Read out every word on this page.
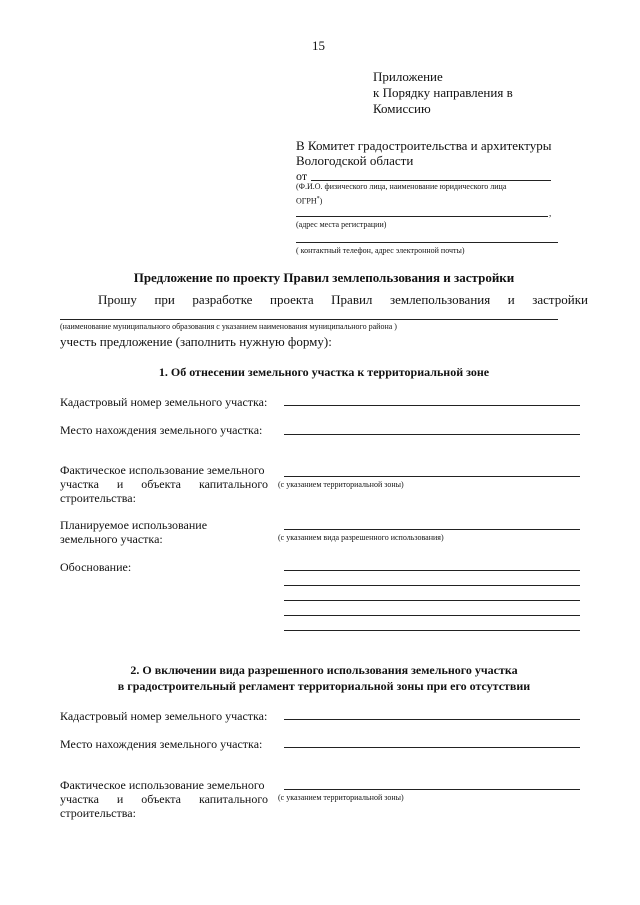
15
Приложение
к Порядку направления в
Комиссию
В Комитет градостроительства и архитектуры
Вологодской области
от
(Ф.И.О. физического лица, наименование юридического лица
ОГРН*)
,
(адрес места регистрации)
( контактный телефон, адрес электронной почты)
Предложение по проекту Правил землепользования и застройки
Прошу при разработке проекта Правил землепользования и застройки
(наименование муниципального образования с указанием наименования муниципального района )
учесть предложение (заполнить нужную форму):
1. Об отнесении земельного участка к территориальной зоне
Кадастровый номер земельного участка:
Место нахождения земельного участка:
Фактическое использование земельного
участка и объекта капитального
строительства:
(с указанием территориальной зоны)
Планируемое использование
земельного участка:	(с указанием вида разрешенного использования)
Обоснование:
2. О включении вида разрешенного использования земельного участка
в градостроительный регламент территориальной зоны при его отсутствии
Кадастровый номер земельного участка:
Место нахождения земельного участка:
Фактическое использование земельного
участка и объекта капитального
строительства:
(с указанием территориальной зоны)
